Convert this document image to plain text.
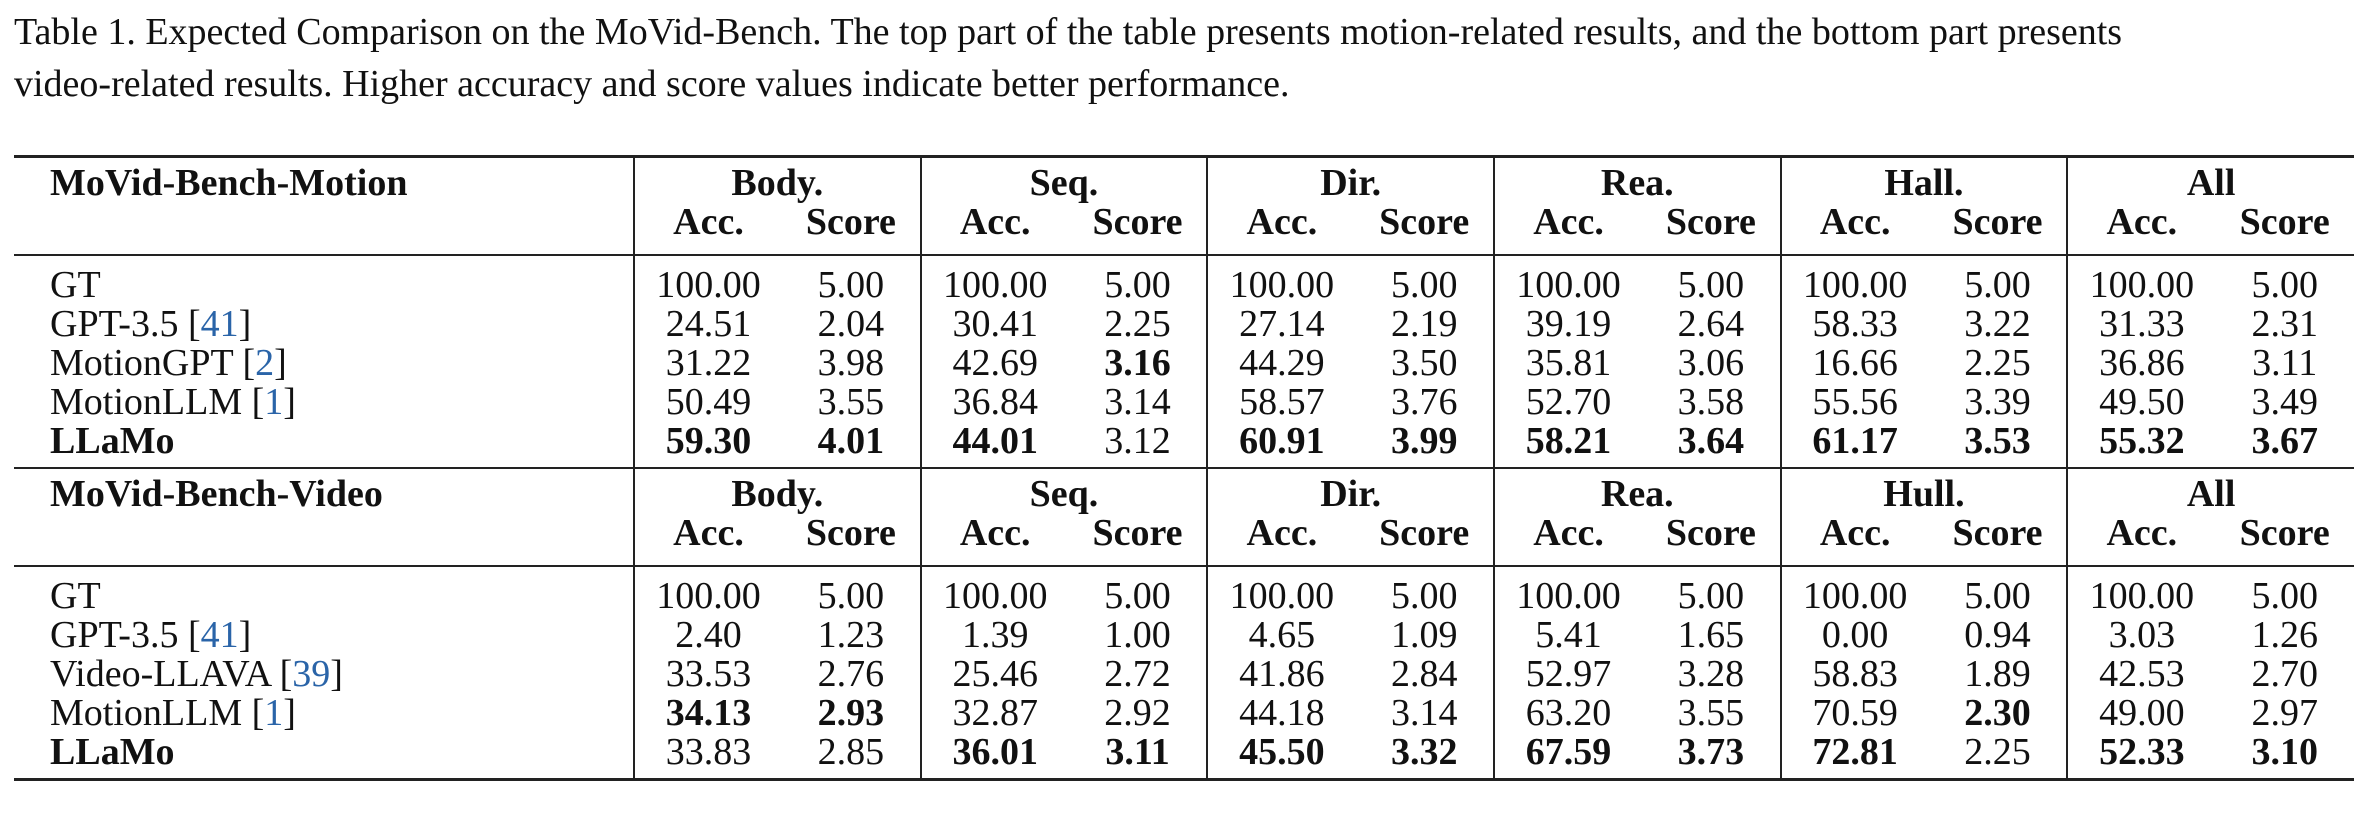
Table 1. Expected Comparison on the MoVid-Bench. The top part of the table presents motion-related results, and the bottom part presents
video-related results. Higher accuracy and score values indicate better performance.
MoVid-Bench-Motion	Body.		Seq.		Dir.		Rea.		Hall.		All	
	Acc.	Score	Acc.	Score	Acc.	Score	Acc.	Score	Acc.	Score	Acc.	Score
GT	100.00	5.00	100.00	5.00	100.00	5.00	100.00	5.00	100.00	5.00	100.00	5.00
GPT-3.5 [41]	24.51	2.04	30.41	2.25	27.14	2.19	39.19	2.64	58.33	3.22	31.33	2.31
MotionGPT [2]	31.22	3.98	42.69	3.16	44.29	3.50	35.81	3.06	16.66	2.25	36.86	3.11
MotionLLM [1]	50.49	3.55	36.84	3.14	58.57	3.76	52.70	3.58	55.56	3.39	49.50	3.49
LLaMo	59.30	4.01	44.01	3.12	60.91	3.99	58.21	3.64	61.17	3.53	55.32	3.67
MoVid-Bench-Video	Body.		Seq.		Dir.		Rea.		Hull.		All	
	Acc.	Score	Acc.	Score	Acc.	Score	Acc.	Score	Acc.	Score	Acc.	Score
GT	100.00	5.00	100.00	5.00	100.00	5.00	100.00	5.00	100.00	5.00	100.00	5.00
GPT-3.5 [41]	2.40	1.23	1.39	1.00	4.65	1.09	5.41	1.65	0.00	0.94	3.03	1.26
Video-LLAVA [39]	33.53	2.76	25.46	2.72	41.86	2.84	52.97	3.28	58.83	1.89	42.53	2.70
MotionLLM [1]	34.13	2.93	32.87	2.92	44.18	3.14	63.20	3.55	70.59	2.30	49.00	2.97
LLaMo	33.83	2.85	36.01	3.11	45.50	3.32	67.59	3.73	72.81	2.25	52.33	3.10
